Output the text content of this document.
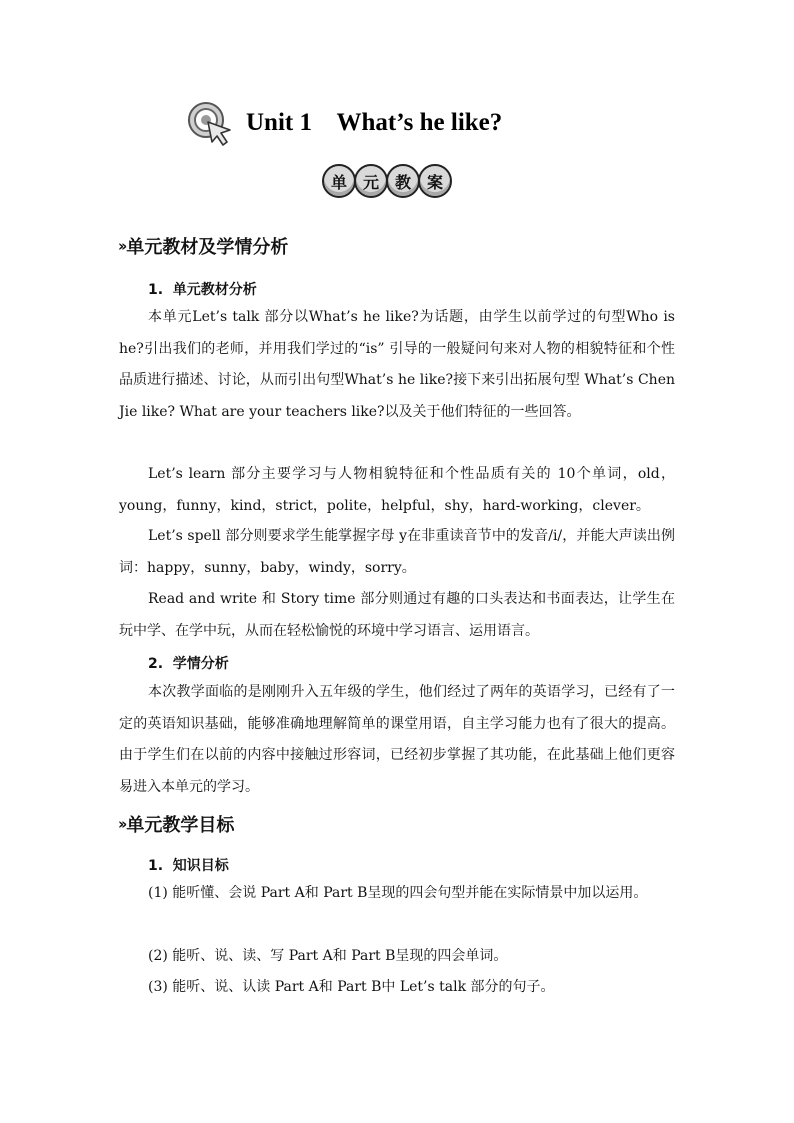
Unit 1    What’s he like?
单 元 教 案
›› 单元教材及学情分析
1.  单元教材分析
本单元Let’s talk 部分以What’s he like?为话题，由学生以前学过的句型Who is he?引出我们的老师，并用我们学过的“is” 引导的一般疑问句来对人物的相貌特征和个性品质进行描述、讨论，从而引出句型What’s he like?接下来引出拓展句型 What’s Chen Jie like? What are your teachers like?以及关于他们特征的一些回答。
Let’s learn 部分主要学习与人物相貌特征和个性品质有关的 10个单词，old，young，funny，kind，strict，polite，helpful，shy，hard-working，clever。
Let’s spell 部分则要求学生能掌握字母 y在非重读音节中的发音/i/，并能大声读出例词：happy，sunny，baby，windy，sorry。
Read and write 和 Story time 部分则通过有趣的口头表达和书面表达，让学生在玩中学、在学中玩，从而在轻松愉悦的环境中学习语言、运用语言。
2.  学情分析
本次教学面临的是刚刚升入五年级的学生，他们经过了两年的英语学习，已经有了一定的英语知识基础，能够准确地理解简单的课堂用语，自主学习能力也有了很大的提高。由于学生们在以前的内容中接触过形容词，已经初步掌握了其功能，在此基础上他们更容易进入本单元的学习。
›› 单元教学目标
1.  知识目标
(1) 能听懂、会说 Part A和 Part B呈现的四会句型并能在实际情景中加以运用。
(2) 能听、说、读、写 Part A和 Part B呈现的四会单词。
(3) 能听、说、认读 Part A和 Part B中 Let’s talk 部分的句子。
